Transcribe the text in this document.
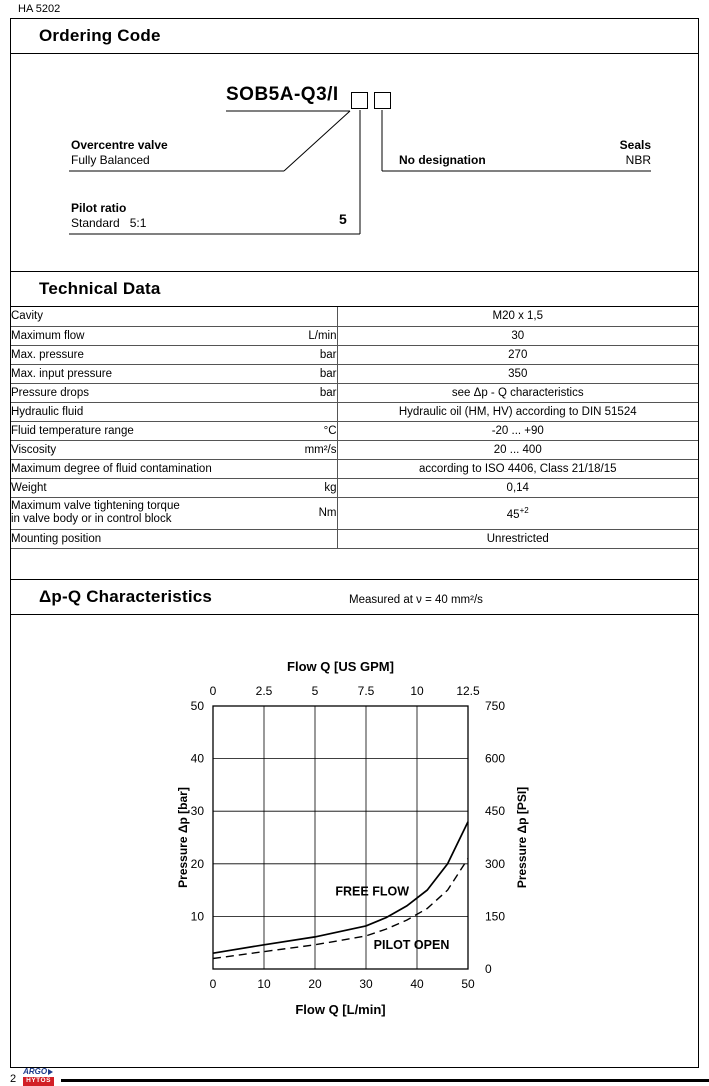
HA 5202
Ordering Code
SOB5A-Q3/I
Overcentre valve
Fully Balanced
Pilot ratio
Standard   5:1	5
No designation
Seals
NBR
Technical Data
Cavity		M20 x 1,5
Maximum flow	L/min	30
Max. pressure	bar	270
Max. input pressure	bar	350
Pressure drops	bar	see Δp - Q characteristics
Hydraulic fluid		Hydraulic oil (HM, HV) according to DIN 51524
Fluid temperature range	°C	-20 ... +90
Viscosity	mm²/s	20 ... 400
Maximum degree of fluid contamination		according to ISO 4406, Class 21/18/15
Weight	kg	0,14
Maximum valve tightening torque
in valve body or in control block	Nm	$45^{+2}$
Mounting position		Unrestricted
Δp-Q Characteristics	Measured at ν = 40 mm²/s
0
0
10
2.5
20
5
30
7.5
40
10
50
12.5
10
20
30
40
50	750
600
450
300
150
0
Flow Q [US GPM]
Flow Q [L/min]
Pressure Δp [bar]	Pressure Δp [PSI]
FREE FLOW
PILOT OPEN
2
ARGO
HYTOS
